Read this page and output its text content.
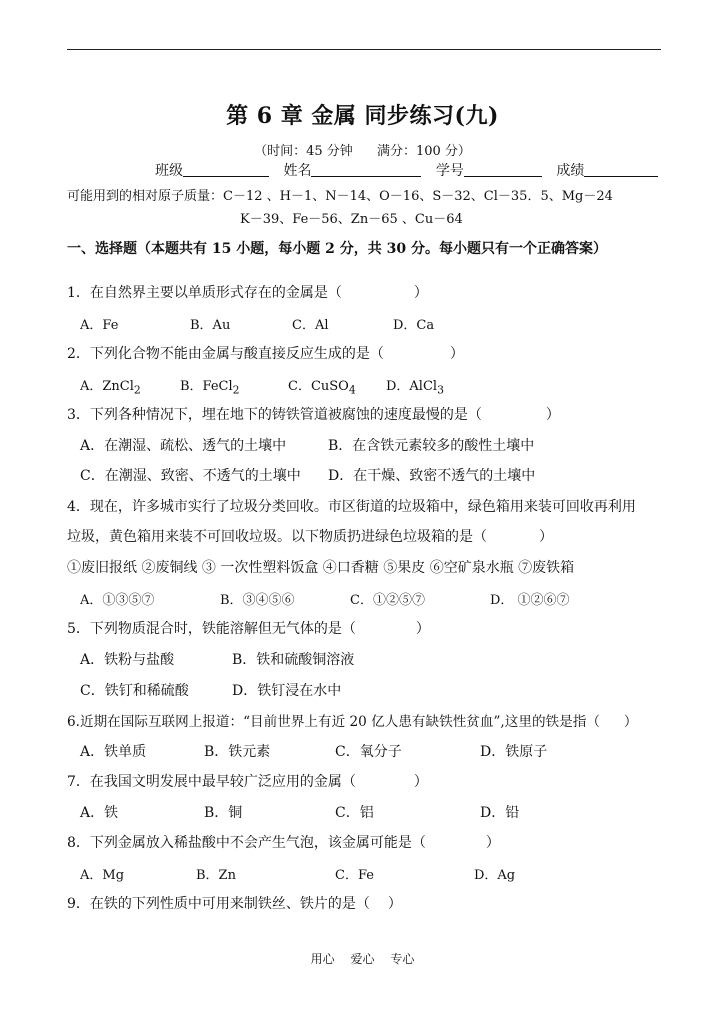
第 6 章 金属 同步练习(九)
（时间：45 分钟 满分：100 分）
班级	姓名	学号	成绩
可能用到的相对原子质量：C－12 、H－1、N－14、O－16、S－32、Cl－35．5、Mg－24
K－39、Fe－56、Zn－65 、Cu－64
一、选择题（本题共有 15 小题，每小题 2 分，共 30 分。每小题只有一个正确答案）
1．在自然界主要以单质形式存在的金属是（	）
A．Fe	B．Au	C．Al	D．Ca
2．下列化合物不能由金属与酸直接反应生成的是（	）
A．ZnCl$_2$	B．FeCl$_2$	C．CuSO$_4$ D．AlCl$_3$
3．下列各种情况下，埋在地下的铸铁管道被腐蚀的速度最慢的是（	）
A．在潮湿、疏松、透气的土壤中	B．在含铁元素较多的酸性土壤中
C．在潮湿、致密、不透气的土壤中 D．在干燥、致密不透气的土壤中
4．现在，许多城市实行了垃圾分类回收。市区街道的垃圾箱中，绿色箱用来装可回收再利用
垃圾，黄色箱用来装不可回收垃圾。以下物质扔进绿色垃圾箱的是（	）
①废旧报纸 ②废铜线 ③ 一次性塑料饭盒 ④口香糖 ⑤果皮 ⑥空矿泉水瓶 ⑦废铁箱
A．①③⑤⑦	B．③④⑤⑥	C．①②⑤⑦	D． ①②⑥⑦
5．下列物质混合时，铁能溶解但无气体的是（	）
A．铁粉与盐酸	B．铁和硫酸铜溶液
C．铁钉和稀硫酸	D．铁钉浸在水中
6.近期在国际互联网上报道：“目前世界上有近 20 亿人患有缺铁性贫血”,这里的铁是指（ ）
A．铁单质	B．铁元素	C．氧分子	D．铁原子
7．在我国文明发展中最早较广泛应用的金属（	）
A．铁	B．铜	C．铝	D．铅
8．下列金属放入稀盐酸中不会产生气泡，该金属可能是（	）
A．Mg	B．Zn	C．Fe	D．Ag
9．在铁的下列性质中可用来制铁丝、铁片的是（ ）
用心 爱心 专心
